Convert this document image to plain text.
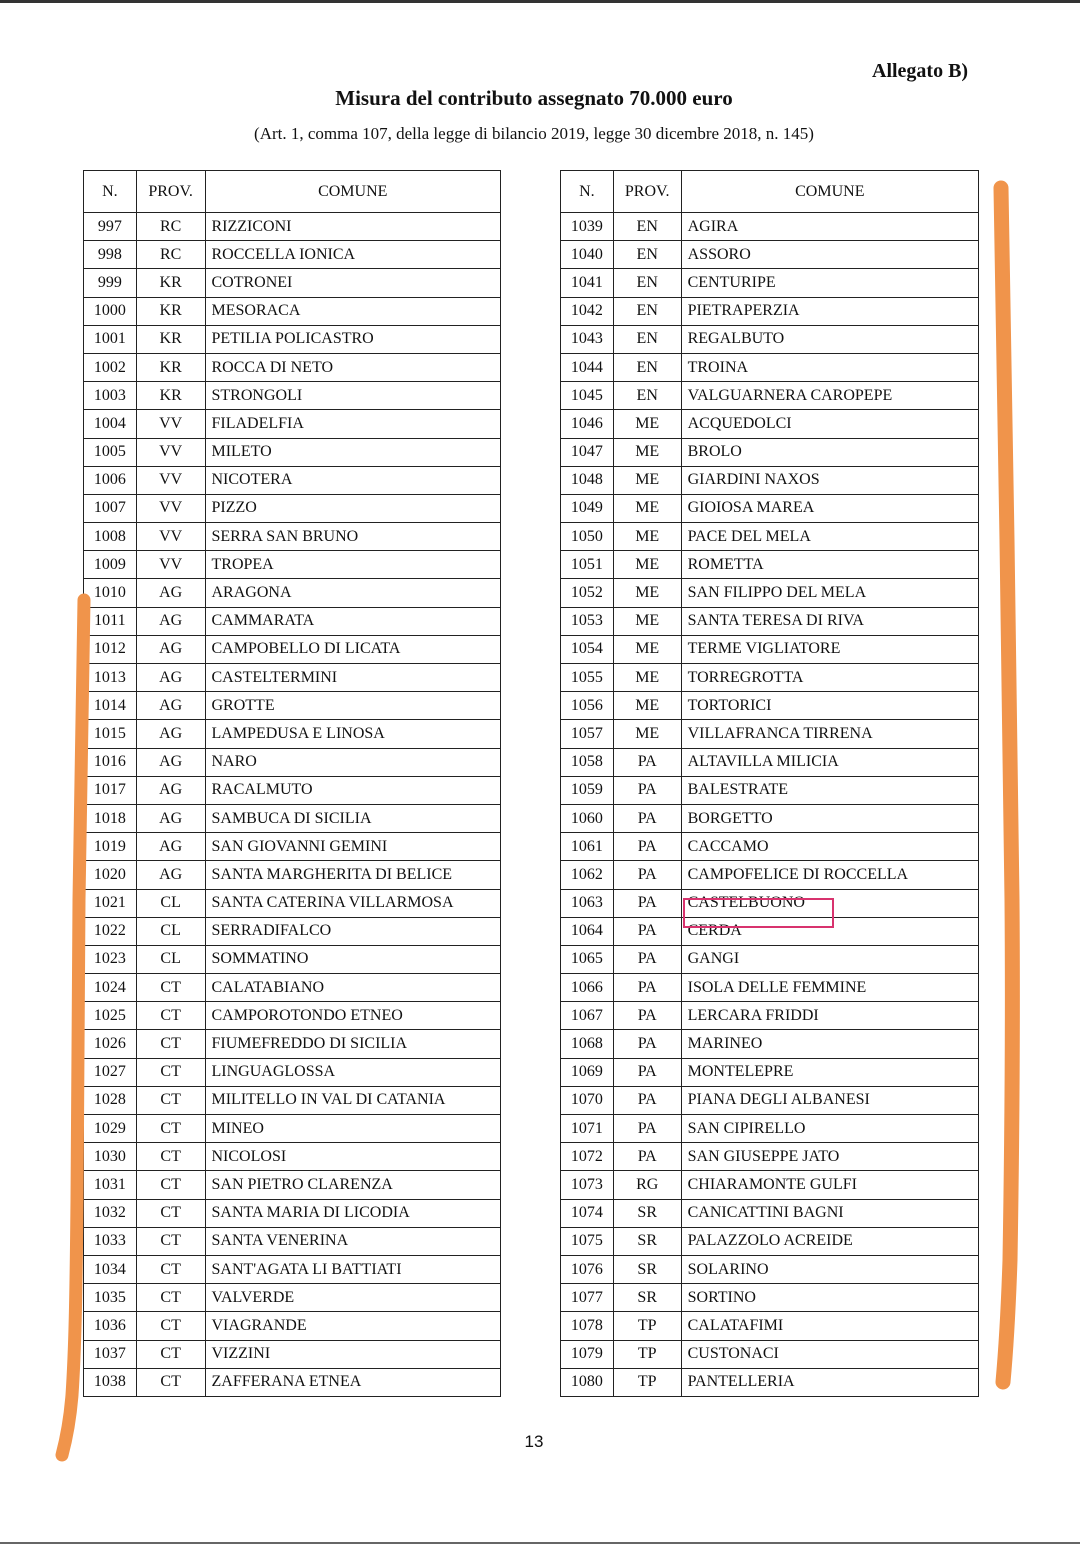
Allegato B)
Misura del contributo assegnato 70.000 euro
(Art. 1, comma 107, della legge di bilancio 2019, legge 30 dicembre 2018, n. 145)
N.	PROV.	COMUNE
997	RC	RIZZICONI
998	RC	ROCCELLA IONICA
999	KR	COTRONEI
1000	KR	MESORACA
1001	KR	PETILIA POLICASTRO
1002	KR	ROCCA DI NETO
1003	KR	STRONGOLI
1004	VV	FILADELFIA
1005	VV	MILETO
1006	VV	NICOTERA
1007	VV	PIZZO
1008	VV	SERRA SAN BRUNO
1009	VV	TROPEA
1010	AG	ARAGONA
1011	AG	CAMMARATA
1012	AG	CAMPOBELLO DI LICATA
1013	AG	CASTELTERMINI
1014	AG	GROTTE
1015	AG	LAMPEDUSA E LINOSA
1016	AG	NARO
1017	AG	RACALMUTO
1018	AG	SAMBUCA DI SICILIA
1019	AG	SAN GIOVANNI GEMINI
1020	AG	SANTA MARGHERITA DI BELICE
1021	CL	SANTA CATERINA VILLARMOSA
1022	CL	SERRADIFALCO
1023	CL	SOMMATINO
1024	CT	CALATABIANO
1025	CT	CAMPOROTONDO ETNEO
1026	CT	FIUMEFREDDO DI SICILIA
1027	CT	LINGUAGLOSSA
1028	CT	MILITELLO IN VAL DI CATANIA
1029	CT	MINEO
1030	CT	NICOLOSI
1031	CT	SAN PIETRO CLARENZA
1032	CT	SANTA MARIA DI LICODIA
1033	CT	SANTA VENERINA
1034	CT	SANT'AGATA LI BATTIATI
1035	CT	VALVERDE
1036	CT	VIAGRANDE
1037	CT	VIZZINI
1038	CT	ZAFFERANA ETNEA
N.	PROV.	COMUNE
1039	EN	AGIRA
1040	EN	ASSORO
1041	EN	CENTURIPE
1042	EN	PIETRAPERZIA
1043	EN	REGALBUTO
1044	EN	TROINA
1045	EN	VALGUARNERA CAROPEPE
1046	ME	ACQUEDOLCI
1047	ME	BROLO
1048	ME	GIARDINI NAXOS
1049	ME	GIOIOSA MAREA
1050	ME	PACE DEL MELA
1051	ME	ROMETTA
1052	ME	SAN FILIPPO DEL MELA
1053	ME	SANTA TERESA DI RIVA
1054	ME	TERME VIGLIATORE
1055	ME	TORREGROTTA
1056	ME	TORTORICI
1057	ME	VILLAFRANCA TIRRENA
1058	PA	ALTAVILLA MILICIA
1059	PA	BALESTRATE
1060	PA	BORGETTO
1061	PA	CACCAMO
1062	PA	CAMPOFELICE DI ROCCELLA
1063	PA	CASTELBUONO
1064	PA	CERDA
1065	PA	GANGI
1066	PA	ISOLA DELLE FEMMINE
1067	PA	LERCARA FRIDDI
1068	PA	MARINEO
1069	PA	MONTELEPRE
1070	PA	PIANA DEGLI ALBANESI
1071	PA	SAN CIPIRELLO
1072	PA	SAN GIUSEPPE JATO
1073	RG	CHIARAMONTE GULFI
1074	SR	CANICATTINI BAGNI
1075	SR	PALAZZOLO ACREIDE
1076	SR	SOLARINO
1077	SR	SORTINO
1078	TP	CALATAFIMI
1079	TP	CUSTONACI
1080	TP	PANTELLERIA
13
